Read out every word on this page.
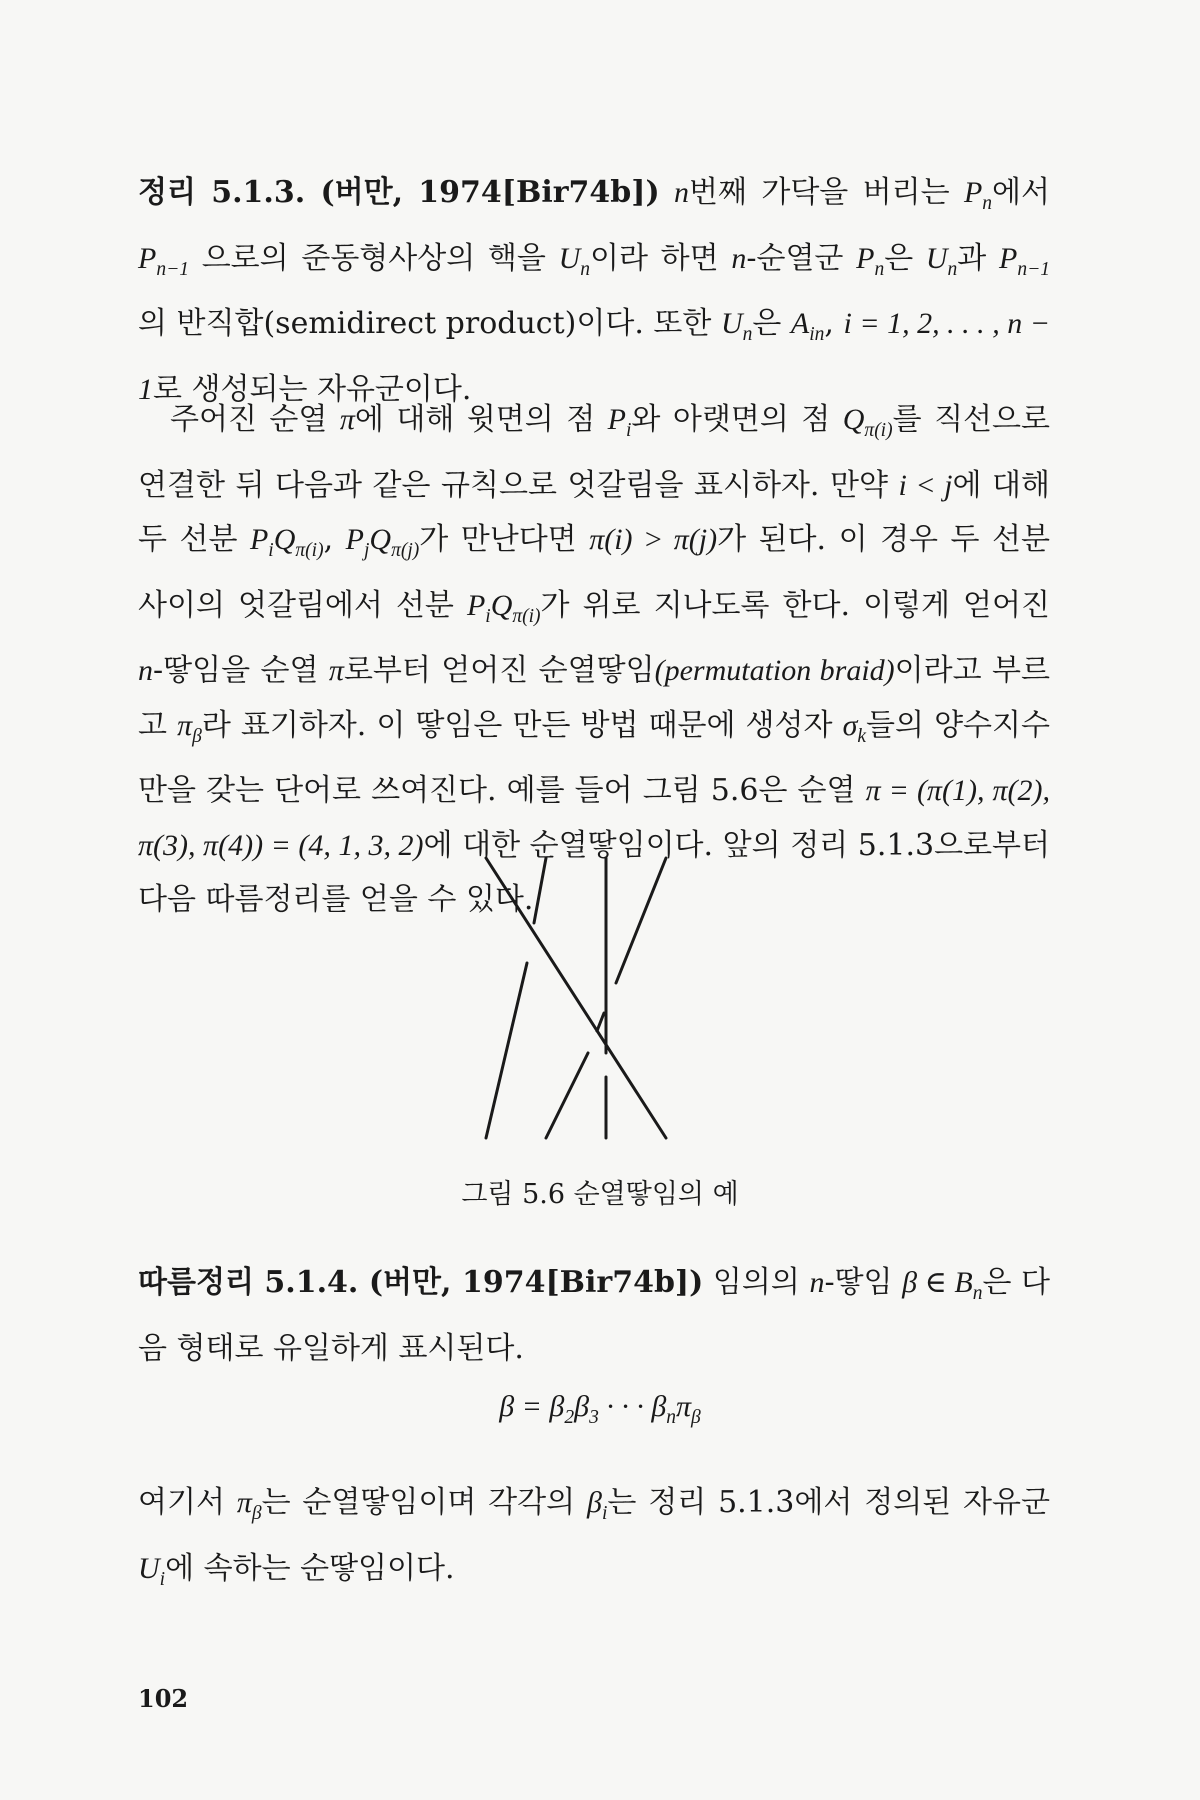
정리 5.1.3. (버만, 1974[Bir74b]) n번째 가닥을 버리는 $P_n$에서 $P_{n-1}$ 으로의 준동형사상의 핵을 $U_n$이라 하면 n-순열군 $P_n$은 $U_n$과 $P_{n-1}$의 반직합(semidirect product)이다. 또한 $U_n$은 $A_{in}$, i = 1, 2, . . . , n − 1로 생성되는 자유군이다.

주어진 순열 π에 대해 윗면의 점 $P_i$와 아랫면의 점 $Q_{\pi(i)}$를 직선으로 연결한 뒤 다음과 같은 규칙으로 엇갈림을 표시하자. 만약 i < j에 대해 두 선분 $P_iQ_{\pi(i)}$, $P_jQ_{\pi(j)}$가 만난다면 π(i) > π(j)가 된다. 이 경우 두 선분 사이의 엇갈림에서 선분 $P_iQ_{\pi(i)}$가 위로 지나도록 한다. 이렇게 얻어진 n-땋임을 순열 π로부터 얻어진 순열땋임(permutation braid)이라고 부르고 $\pi_\beta$라 표기하자. 이 땋임은 만든 방법 때문에 생성자 $\sigma_k$들의 양수지수만을 갖는 단어로 쓰여진다. 예를 들어 그림 5.6은 순열 π = (π(1), π(2), π(3), π(4)) = (4, 1, 3, 2)에 대한 순열땋임이다. 앞의 정리 5.1.3으로부터 다음 따름정리를 얻을 수 있다.

그림 5.6 순열땋임의 예

따름정리 5.1.4. (버만, 1974[Bir74b]) 임의의 n-땋임 β ∈ $B_n$은 다음 형태로 유일하게 표시된다.

$\beta = \beta_2\beta_3$ · · · $\beta_n\pi_\beta$

여기서 $\pi_\beta$는 순열땋임이며 각각의 $\beta_i$는 정리 5.1.3에서 정의된 자유군 $U_i$에 속하는 순땋임이다.

102
